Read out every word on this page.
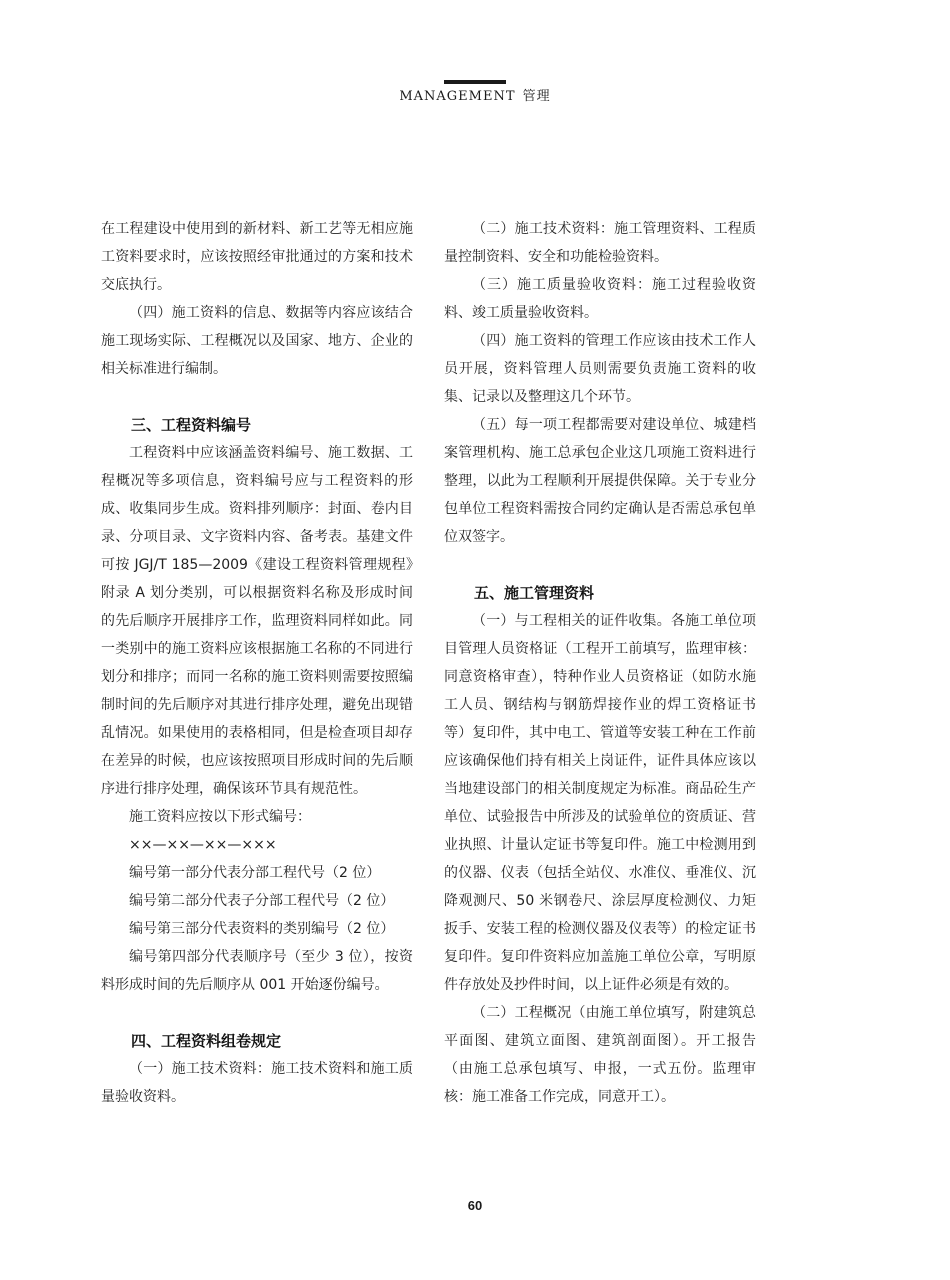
MANAGEMENT 管理

在工程建设中使用到的新材料、新工艺等无相应施工资料要求时，应该按照经审批通过的方案和技术交底执行。

（四）施工资料的信息、数据等内容应该结合施工现场实际、工程概况以及国家、地方、企业的相关标准进行编制。

三、工程资料编号

工程资料中应该涵盖资料编号、施工数据、工程概况等多项信息，资料编号应与工程资料的形成、收集同步生成。资料排列顺序：封面、卷内目录、分项目录、文字资料内容、备考表。基建文件可按 JGJ/T 185—2009《建设工程资料管理规程》附录 A 划分类别，可以根据资料名称及形成时间的先后顺序开展排序工作，监理资料同样如此。同一类别中的施工资料应该根据施工名称的不同进行划分和排序；而同一名称的施工资料则需要按照编制时间的先后顺序对其进行排序处理，避免出现错乱情况。如果使用的表格相同，但是检查项目却存在差异的时候，也应该按照项目形成时间的先后顺序进行排序处理，确保该环节具有规范性。

施工资料应按以下形式编号：

××—××—××—×××

编号第一部分代表分部工程代号（2 位）

编号第二部分代表子分部工程代号（2 位）

编号第三部分代表资料的类别编号（2 位）

编号第四部分代表顺序号（至少 3 位），按资料形成时间的先后顺序从 001 开始逐份编号。

四、工程资料组卷规定

（一）施工技术资料：施工技术资料和施工质量验收资料。

（二）施工技术资料：施工管理资料、工程质量控制资料、安全和功能检验资料。

（三）施工质量验收资料：施工过程验收资料、竣工质量验收资料。

（四）施工资料的管理工作应该由技术工作人员开展，资料管理人员则需要负责施工资料的收集、记录以及整理这几个环节。

（五）每一项工程都需要对建设单位、城建档案管理机构、施工总承包企业这几项施工资料进行整理，以此为工程顺利开展提供保障。关于专业分包单位工程资料需按合同约定确认是否需总承包单位双签字。

五、施工管理资料

（一）与工程相关的证件收集。各施工单位项目管理人员资格证（工程开工前填写，监理审核：同意资格审查），特种作业人员资格证（如防水施工人员、钢结构与钢筋焊接作业的焊工资格证书等）复印件，其中电工、管道等安装工种在工作前应该确保他们持有相关上岗证件，证件具体应该以当地建设部门的相关制度规定为标准。商品砼生产单位、试验报告中所涉及的试验单位的资质证、营业执照、计量认定证书等复印件。施工中检测用到的仪器、仪表（包括全站仪、水准仪、垂准仪、沉降观测尺、50 米钢卷尺、涂层厚度检测仪、力矩扳手、安装工程的检测仪器及仪表等）的检定证书复印件。复印件资料应加盖施工单位公章，写明原件存放处及抄件时间，以上证件必须是有效的。

（二）工程概况（由施工单位填写，附建筑总平面图、建筑立面图、建筑剖面图）。开工报告（由施工总承包填写、申报，一式五份。监理审核：施工准备工作完成，同意开工）。

60
